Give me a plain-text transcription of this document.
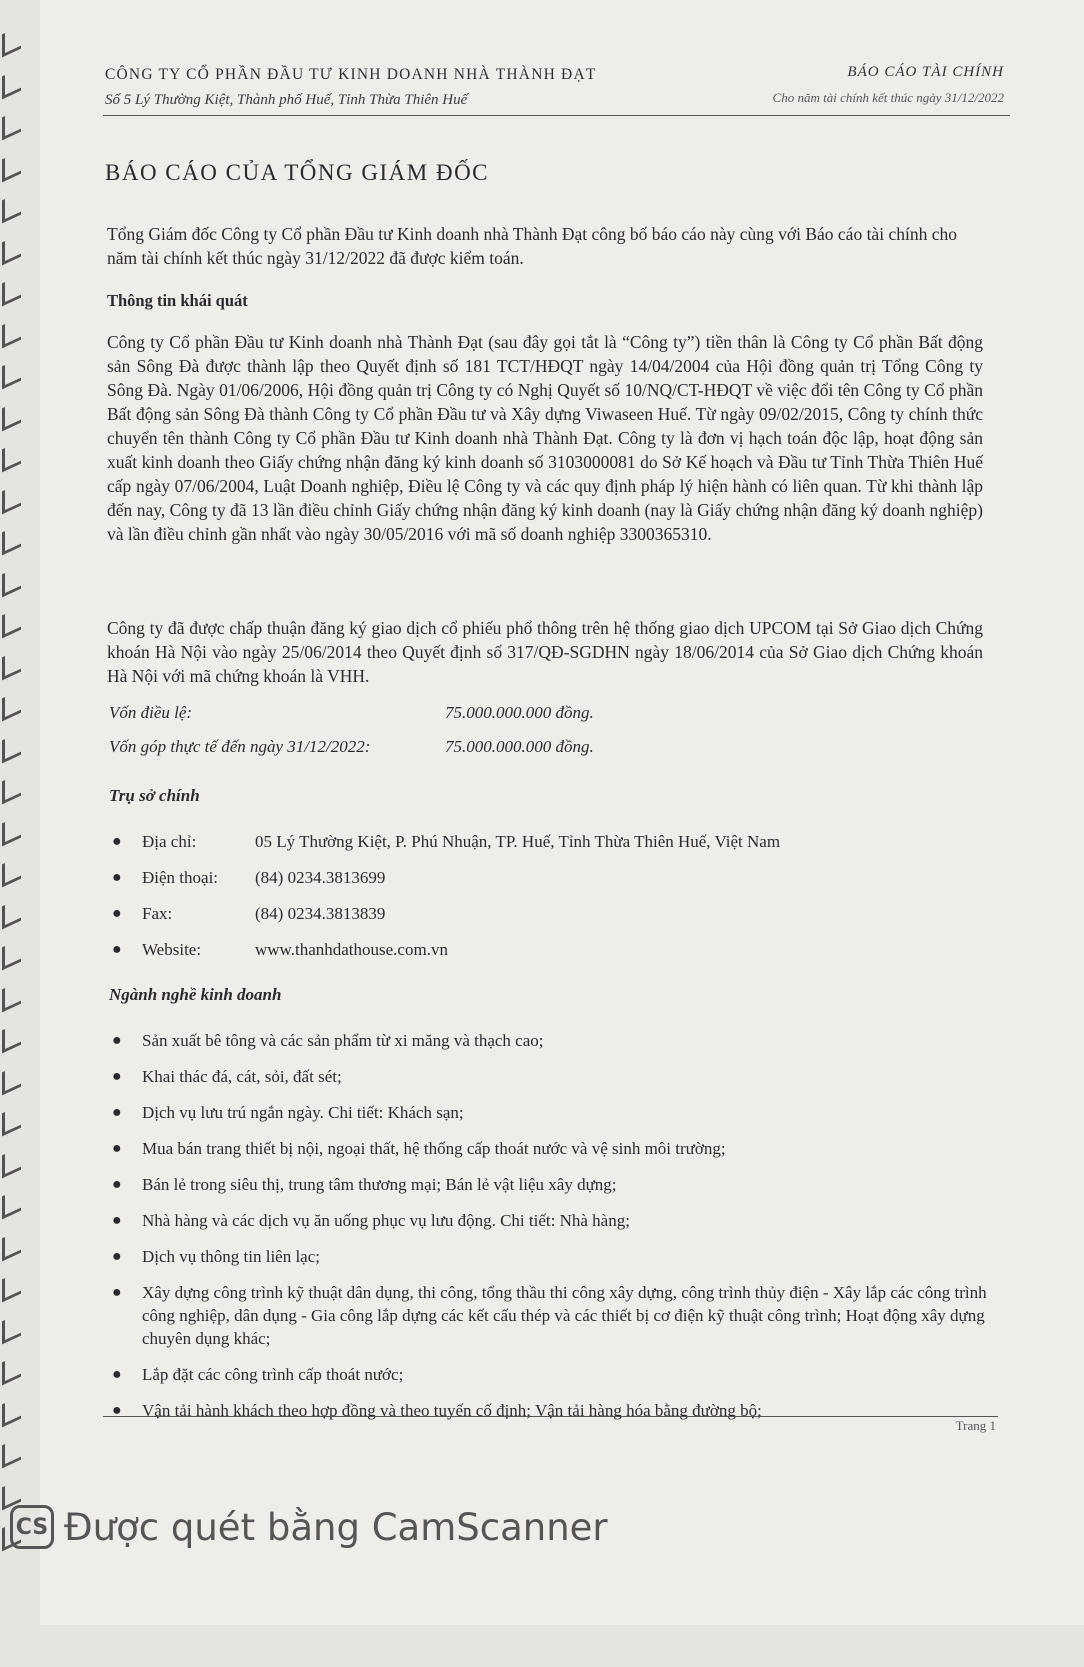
CÔNG TY CỔ PHẦN ĐẦU TƯ KINH DOANH NHÀ THÀNH ĐẠT
Số 5 Lý Thường Kiệt, Thành phố Huế, Tỉnh Thừa Thiên Huế
BÁO CÁO TÀI CHÍNH
Cho năm tài chính kết thúc ngày 31/12/2022
BÁO CÁO CỦA TỔNG GIÁM ĐỐC
Tổng Giám đốc Công ty Cổ phần Đầu tư Kinh doanh nhà Thành Đạt công bố báo cáo này cùng với Báo cáo tài chính cho năm tài chính kết thúc ngày 31/12/2022 đã được kiểm toán.
Thông tin khái quát
Công ty Cổ phần Đầu tư Kinh doanh nhà Thành Đạt (sau đây gọi tắt là “Công ty”) tiền thân là Công ty Cổ phần Bất động sản Sông Đà được thành lập theo Quyết định số 181 TCT/HĐQT ngày 14/04/2004 của Hội đồng quản trị Tổng Công ty Sông Đà. Ngày 01/06/2006, Hội đồng quản trị Công ty có Nghị Quyết số 10/NQ/CT-HĐQT về việc đổi tên Công ty Cổ phần Bất động sản Sông Đà thành Công ty Cổ phần Đầu tư và Xây dựng Viwaseen Huế. Từ ngày 09/02/2015, Công ty chính thức chuyển tên thành Công ty Cổ phần Đầu tư Kinh doanh nhà Thành Đạt. Công ty là đơn vị hạch toán độc lập, hoạt động sản xuất kinh doanh theo Giấy chứng nhận đăng ký kinh doanh số 3103000081 do Sở Kế hoạch và Đầu tư Tỉnh Thừa Thiên Huế cấp ngày 07/06/2004, Luật Doanh nghiệp, Điều lệ Công ty và các quy định pháp lý hiện hành có liên quan. Từ khi thành lập đến nay, Công ty đã 13 lần điều chỉnh Giấy chứng nhận đăng ký kinh doanh (nay là Giấy chứng nhận đăng ký doanh nghiệp) và lần điều chỉnh gần nhất vào ngày 30/05/2016 với mã số doanh nghiệp 3300365310.
Công ty đã được chấp thuận đăng ký giao dịch cổ phiếu phổ thông trên hệ thống giao dịch UPCOM tại Sở Giao dịch Chứng khoán Hà Nội vào ngày 25/06/2014 theo Quyết định số 317/QĐ-SGDHN ngày 18/06/2014 của Sở Giao dịch Chứng khoán Hà Nội với mã chứng khoán là VHH.
Vốn điều lệ:	75.000.000.000 đồng.
Vốn góp thực tế đến ngày 31/12/2022:	75.000.000.000 đồng.
Trụ sở chính
● Địa chỉ:	05 Lý Thường Kiệt, P. Phú Nhuận, TP. Huế, Tỉnh Thừa Thiên Huế, Việt Nam
● Điện thoại: (84) 0234.3813699
● Fax:	(84) 0234.3813839
● Website:	www.thanhdathouse.com.vn
Ngành nghề kinh doanh
● Sản xuất bê tông và các sản phẩm từ xi măng và thạch cao;
● Khai thác đá, cát, sỏi, đất sét;
● Dịch vụ lưu trú ngắn ngày. Chi tiết: Khách sạn;
● Mua bán trang thiết bị nội, ngoại thất, hệ thống cấp thoát nước và vệ sinh môi trường;
● Bán lẻ trong siêu thị, trung tâm thương mại; Bán lẻ vật liệu xây dựng;
● Nhà hàng và các dịch vụ ăn uống phục vụ lưu động. Chi tiết: Nhà hàng;
● Dịch vụ thông tin liên lạc;
● Xây dựng công trình kỹ thuật dân dụng, thi công, tổng thầu thi công xây dựng, công trình thủy điện - Xây lắp các công trình công nghiệp, dân dụng - Gia công lắp dựng các kết cấu thép và các thiết bị cơ điện kỹ thuật công trình; Hoạt động xây dựng chuyên dụng khác;
● Lắp đặt các công trình cấp thoát nước;
● Vận tải hành khách theo hợp đồng và theo tuyến cố định; Vận tải hàng hóa bằng đường bộ;
Trang 1
CS Được quét bằng CamScanner
